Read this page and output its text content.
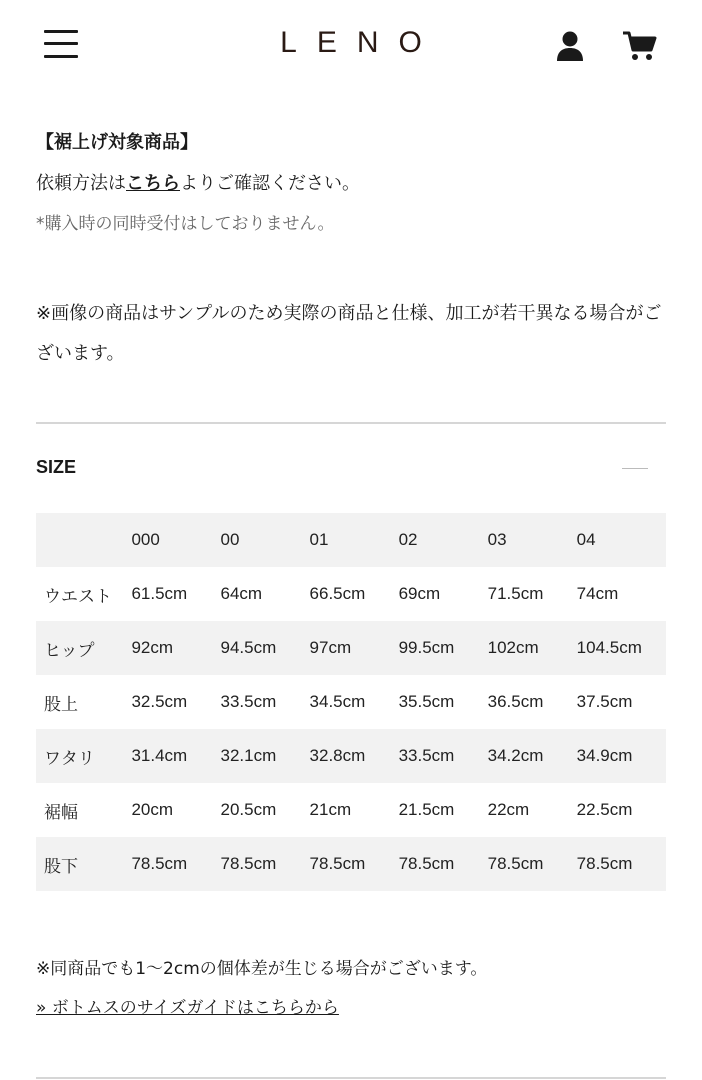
LENO
【裾上げ対象商品】
依頼方法はこちらよりご確認ください。
*購入時の同時受付はしておりません。
※画像の商品はサンプルのため実際の商品と仕様、加工が若干異なる場合がございます。
SIZE
	000	00	01	02	03	04
ウエスト	61.5cm	64cm	66.5cm	69cm	71.5cm	74cm
ヒップ	92cm	94.5cm	97cm	99.5cm	102cm	104.5cm
股上	32.5cm	33.5cm	34.5cm	35.5cm	36.5cm	37.5cm
ワタリ	31.4cm	32.1cm	32.8cm	33.5cm	34.2cm	34.9cm
裾幅	20cm	20.5cm	21cm	21.5cm	22cm	22.5cm
股下	78.5cm	78.5cm	78.5cm	78.5cm	78.5cm	78.5cm
※同商品でも1〜2cmの個体差が生じる場合がございます。
» ボトムスのサイズガイドはこちらから
